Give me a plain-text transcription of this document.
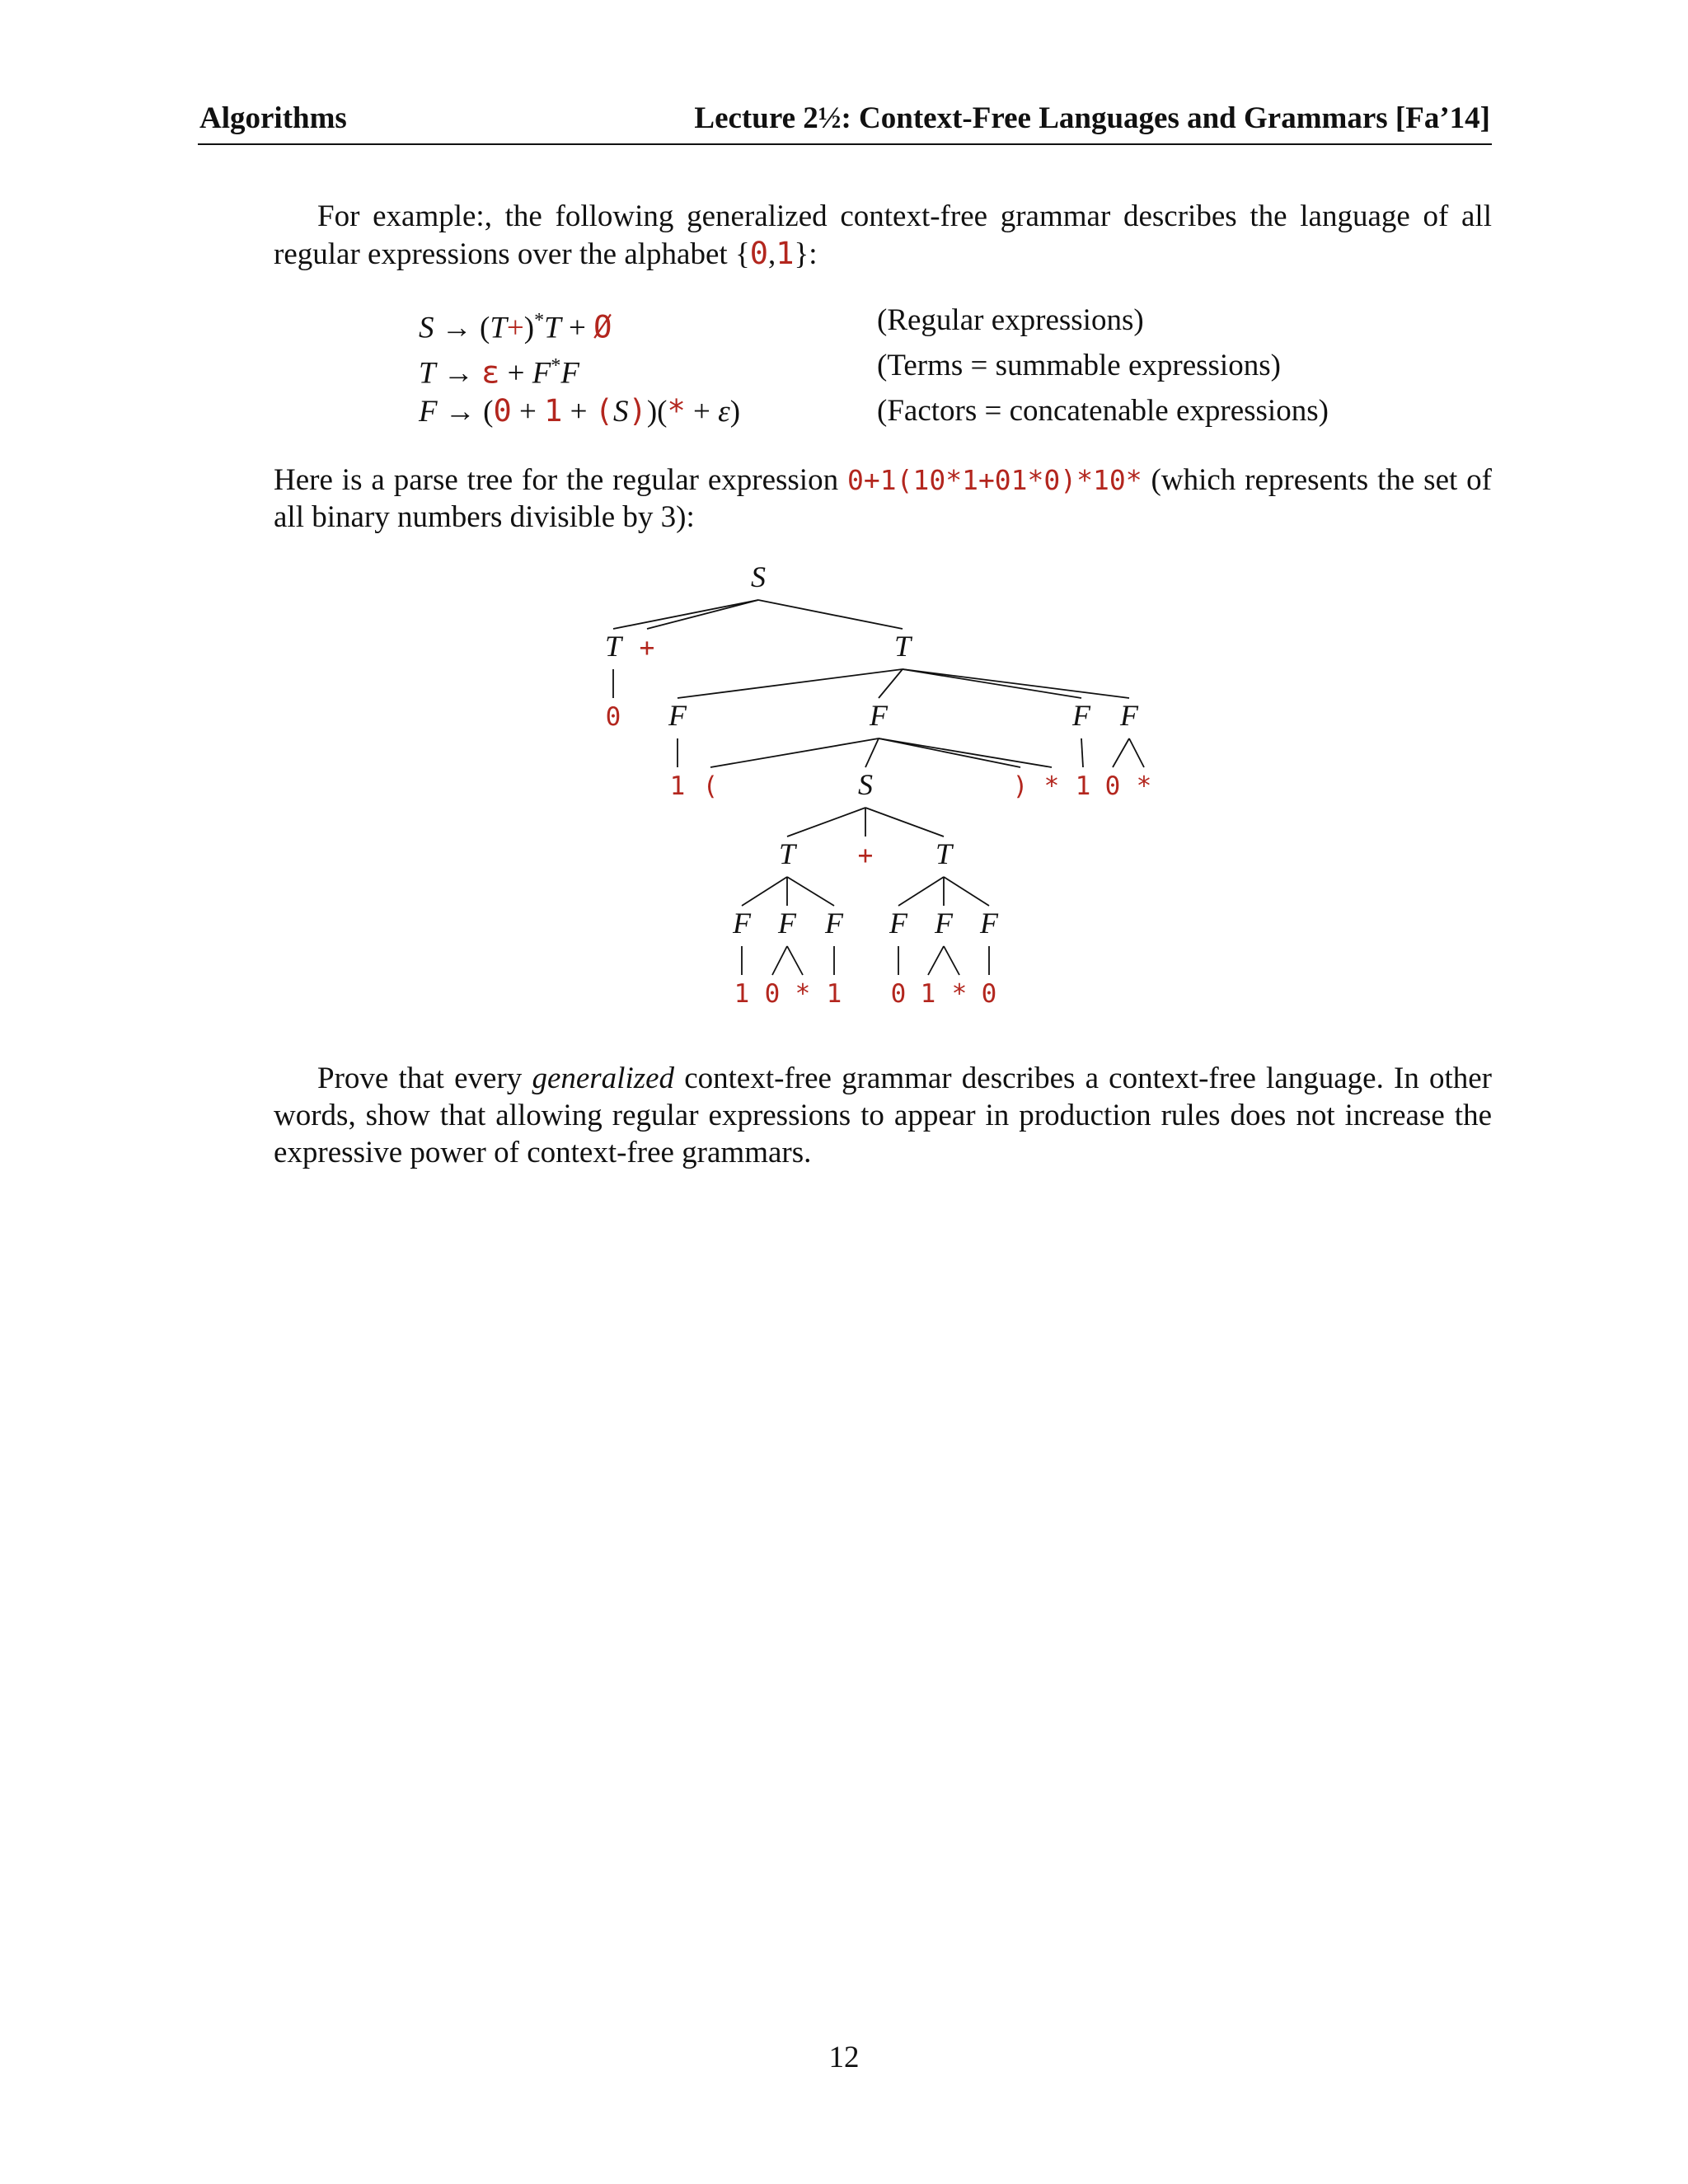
Algorithms	Lecture 2½: Context-Free Languages and Grammars [Fa’14]
For example:, the following generalized context-free grammar describes the language of all regular expressions over the alphabet {0,1}:
S → (T+)*T + Ø	(Regular expressions)
T → ε + F*F	(Terms = summable expressions)
F → (0 + 1 + (S))(* + ε)	(Factors = concatenable expressions)
Here is a parse tree for the regular expression 0+1(10*1+01*0)*10* (which represents the set of all binary numbers divisible by 3):
S
T +	T
0 F	F	F F
1 (	S	) * 1 0 *
T + T
F F F F F F
1 0 * 1 0 1 * 0
Prove that every generalized context-free grammar describes a context-free language. In other words, show that allowing regular expressions to appear in production rules does not increase the expressive power of context-free grammars.
12
